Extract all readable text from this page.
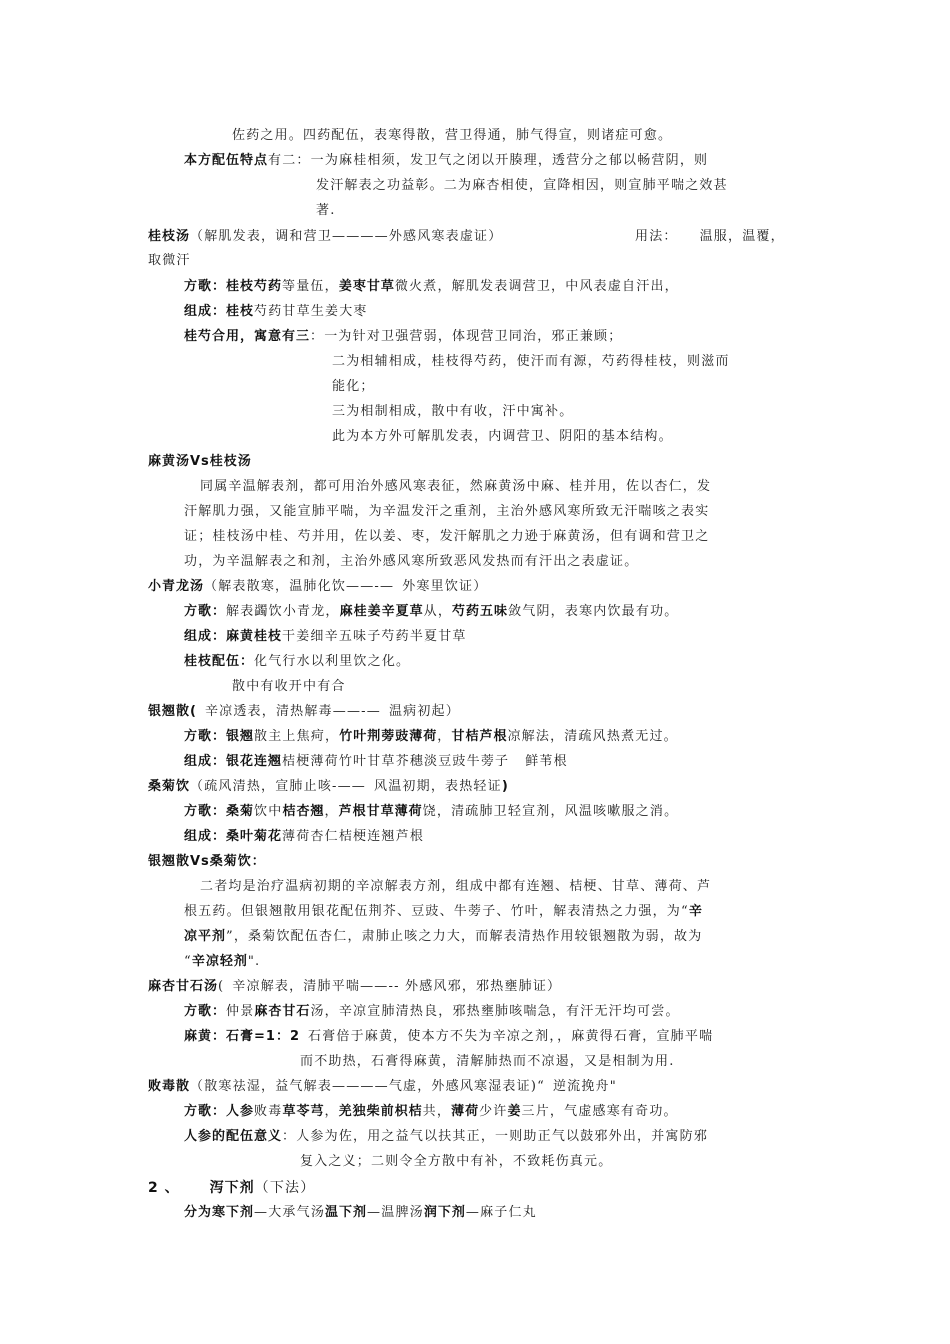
佐药之用。四药配伍，表寒得散，营卫得通，肺气得宣，则诸症可愈。
本方配伍特点有二：一为麻桂相须，发卫气之闭以开腠理，透营分之郁以畅营阴，则
发汗解表之功益彰。二为麻杏相使，宣降相因，则宣肺平喘之效甚
著.
桂枝汤（解肌发表，调和营卫————外感风寒表虚证）	用法： 温服，温覆，
取微汗
方歌：桂枝芍药等量伍，姜枣甘草微火煮，解肌发表调营卫，中风表虚自汗出，
组成：桂枝芍药甘草生姜大枣
桂芍合用，寓意有三：一为针对卫强营弱，体现营卫同治，邪正兼顾；
二为相辅相成，桂枝得芍药，使汗而有源，芍药得桂枝，则滋而
能化；
三为相制相成，散中有收，汗中寓补。
此为本方外可解肌发表，内调营卫、阴阳的基本结构。
麻黄汤Vs桂枝汤
同属辛温解表剂，都可用治外感风寒表征，然麻黄汤中麻、桂并用，佐以杏仁，发
汗解肌力强，又能宣肺平喘，为辛温发汗之重剂，主治外感风寒所致无汗喘咳之表实
证；桂枝汤中桂、芍并用，佐以姜、枣，发汗解肌之力逊于麻黄汤，但有调和营卫之
功，为辛温解表之和剂，主治外感风寒所致恶风发热而有汗出之表虚证。
小青龙汤（解表散寒，温肺化饮——-— 外寒里饮证）
方歌：解表蠲饮小青龙，麻桂姜辛夏草从，芍药五味敛气阴，表寒内饮最有功。
组成：麻黄桂枝干姜细辛五味子芍药半夏甘草
桂枝配伍：化气行水以利里饮之化。
散中有收开中有合
银翘散( 辛凉透表，清热解毒——-— 温病初起）
方歌：银翘散主上焦疴，竹叶荆蒡豉薄荷，甘桔芦根凉解法，清疏风热煮无过。
组成：银花连翘桔梗薄荷竹叶甘草芥穗淡豆豉牛蒡子 鲜苇根
桑菊饮（疏风清热，宣肺止咳-—— 风温初期，表热轻证)
方歌：桑菊饮中桔杏翘，芦根甘草薄荷饶，清疏肺卫轻宣剂，风温咳嗽服之消。
组成：桑叶菊花薄荷杏仁桔梗连翘芦根
银翘散Vs桑菊饮：
二者均是治疗温病初期的辛凉解表方剂，组成中都有连翘、桔梗、甘草、薄荷、芦
根五药。但银翘散用银花配伍荆芥、豆豉、牛蒡子、竹叶，解表清热之力强，为“辛
凉平剂”，桑菊饮配伍杏仁，肃肺止咳之力大，而解表清热作用较银翘散为弱，故为
“辛凉轻剂".
麻杏甘石汤( 辛凉解表，清肺平喘——-- 外感风邪，邪热壅肺证）
方歌：仲景麻杏甘石汤，辛凉宣肺清热良，邪热壅肺咳喘急，有汗无汗均可尝。
麻黄：石膏=1：2 石膏倍于麻黄，使本方不失为辛凉之剂，，麻黄得石膏，宣肺平喘
而不助热，石膏得麻黄，清解肺热而不凉遏，又是相制为用.
败毒散（散寒祛湿，益气解表————气虚，外感风寒湿表证)“ 逆流挽舟"
方歌：人参败毒草苓芎，羌独柴前枳桔共，薄荷少许姜三片，气虚感寒有奇功。
人参的配伍意义：人参为佐，用之益气以扶其正，一则助正气以鼓邪外出，并寓防邪
复入之义；二则令全方散中有补，不致耗伤真元。
2 、 泻下剂（下法）
分为寒下剂—大承气汤温下剂—温脾汤润下剂—麻子仁丸
